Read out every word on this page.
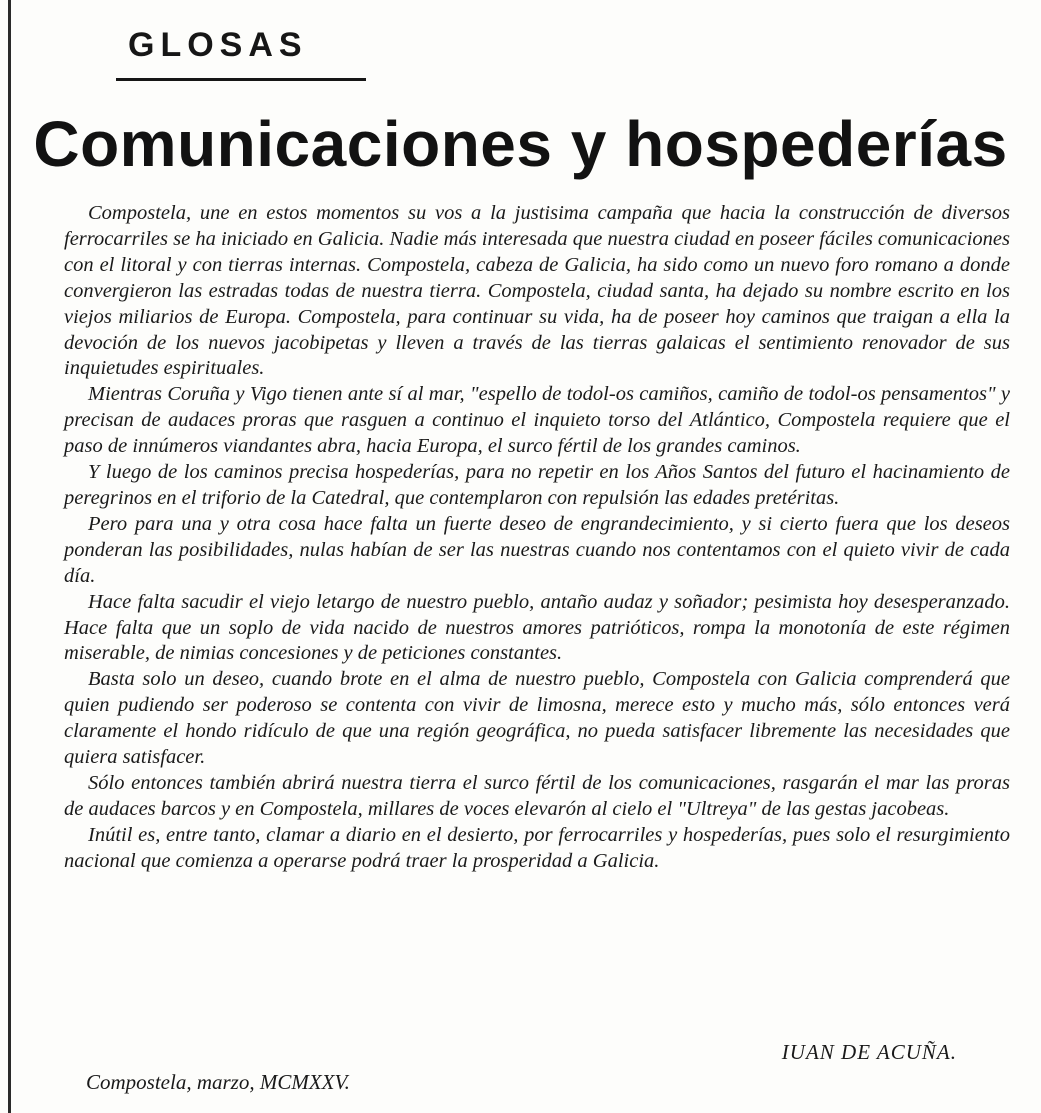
GLOSAS
Comunicaciones y hospederías

Compostela, une en estos momentos su vos a la justisima campaña que hacia la construcción de diversos ferrocarriles se ha iniciado en Galicia. Nadie más interesada que nuestra ciudad en poseer fáciles comunicaciones con el litoral y con tierras internas. Compostela, cabeza de Galicia, ha sido como un nuevo foro romano a donde convergieron las estradas todas de nuestra tierra. Compostela, ciudad santa, ha dejado su nombre escrito en los viejos miliarios de Europa. Compostela, para continuar su vida, ha de poseer hoy caminos que traigan a ella la devoción de los nuevos jacobipetas y lleven a través de las tierras galaicas el sentimiento renovador de sus inquietudes espirituales.

Mientras Coruña y Vigo tienen ante sí al mar, "espello de todol-os camiños, camiño de todol-os pensamentos" y precisan de audaces proras que rasguen a continuo el inquieto torso del Atlántico, Compostela requiere que el paso de innúmeros viandantes abra, hacia Europa, el surco fértil de los grandes caminos.

Y luego de los caminos precisa hospederías, para no repetir en los Años Santos del futuro el hacinamiento de peregrinos en el triforio de la Catedral, que contemplaron con repulsión las edades pretéritas.

Pero para una y otra cosa hace falta un fuerte deseo de engrandecimiento, y si cierto fuera que los deseos ponderan las posibilidades, nulas habían de ser las nuestras cuando nos contentamos con el quieto vivir de cada día.

Hace falta sacudir el viejo letargo de nuestro pueblo, antaño audaz y soñador; pesimista hoy desesperanzado. Hace falta que un soplo de vida nacido de nuestros amores patrióticos, rompa la monotonía de este régimen miserable, de nimias concesiones y de peticiones constantes.

Basta solo un deseo, cuando brote en el alma de nuestro pueblo, Compostela con Galicia comprenderá que quien pudiendo ser poderoso se contenta con vivir de limosna, merece esto y mucho más, sólo entonces verá claramente el hondo ridículo de que una región geográfica, no pueda satisfacer libremente las necesidades que quiera satisfacer.

Sólo entonces también abrirá nuestra tierra el surco fértil de los comunicaciones, rasgarán el mar las proras de audaces barcos y en Compostela, millares de voces elevarón al cielo el "Ultreya" de las gestas jacobeas.

Inútil es, entre tanto, clamar a diario en el desierto, por ferrocarriles y hospederías, pues solo el resurgimiento nacional que comienza a operarse podrá traer la prosperidad a Galicia.

IUAN DE ACUÑA.
Compostela, marzo, MCMXXV.
